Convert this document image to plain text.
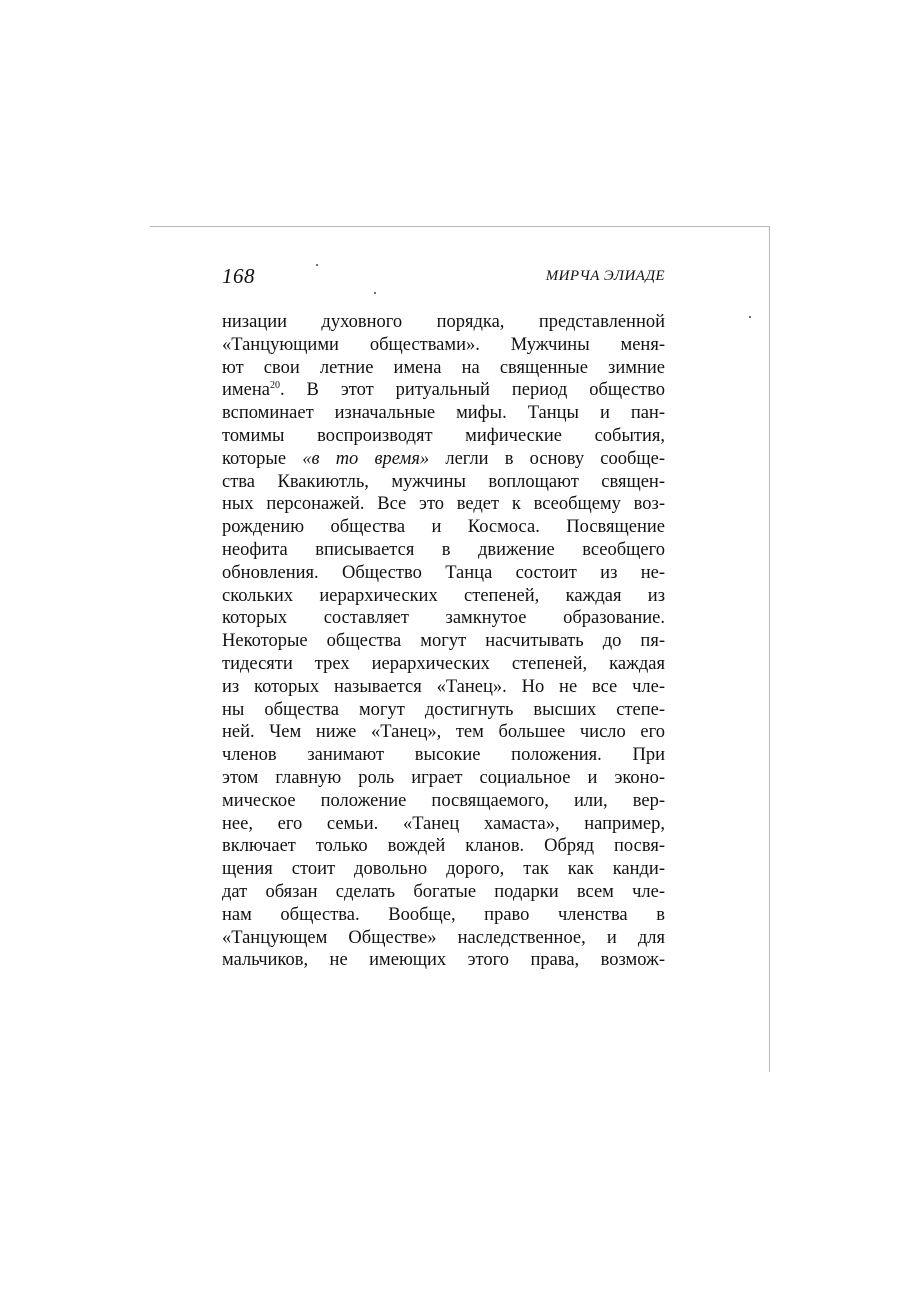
168	МИРЧА ЭЛИАДЕ
низации духовного порядка, представленной
«Танцующими обществами». Мужчины меня-
ют свои летние имена на священные зимние
имена$^{20}$. В этот ритуальный период общество
вспоминает изначальные мифы. Танцы и пан-
томимы воспроизводят мифические события,
которые «в то время» легли в основу сообще-
ства Квакиютль, мужчины воплощают священ-
ных персонажей. Все это ведет к всеобщему воз-
рождению общества и Космоса. Посвящение
неофита вписывается в движение всеобщего
обновления. Общество Танца состоит из не-
скольких иерархических степеней, каждая из
которых составляет замкнутое образование.
Некоторые общества могут насчитывать до пя-
тидесяти трех иерархических степеней, каждая
из которых называется «Танец». Но не все чле-
ны общества могут достигнуть высших степе-
ней. Чем ниже «Танец», тем большее число его
членов занимают высокие положения. При
этом главную роль играет социальное и эконо-
мическое положение посвящаемого, или, вер-
нее, его семьи. «Танец хамаста», например,
включает только вождей кланов. Обряд посвя-
щения стоит довольно дорого, так как канди-
дат обязан сделать богатые подарки всем чле-
нам общества. Вообще, право членства в
«Танцующем Обществе» наследственное, и для
мальчиков, не имеющих этого права, возмож-
